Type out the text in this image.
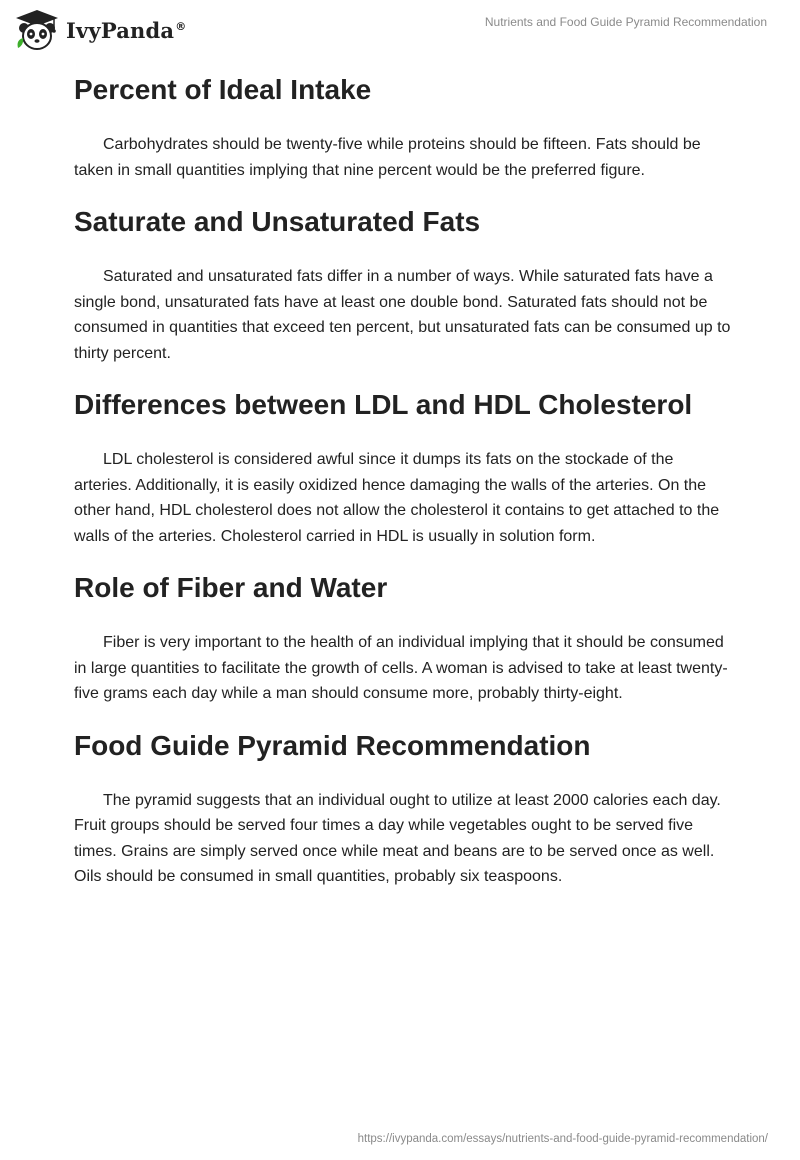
IvyPanda®	Nutrients and Food Guide Pyramid Recommendation
Percent of Ideal Intake

Carbohydrates should be twenty-five while proteins should be fifteen. Fats should be taken in small quantities implying that nine percent would be the preferred figure.

Saturate and Unsaturated Fats

Saturated and unsaturated fats differ in a number of ways. While saturated fats have a single bond, unsaturated fats have at least one double bond. Saturated fats should not be consumed in quantities that exceed ten percent, but unsaturated fats can be consumed up to thirty percent.

Differences between LDL and HDL Cholesterol

LDL cholesterol is considered awful since it dumps its fats on the stockade of the arteries. Additionally, it is easily oxidized hence damaging the walls of the arteries. On the other hand, HDL cholesterol does not allow the cholesterol it contains to get attached to the walls of the arteries. Cholesterol carried in HDL is usually in solution form.

Role of Fiber and Water

Fiber is very important to the health of an individual implying that it should be consumed in large quantities to facilitate the growth of cells. A woman is advised to take at least twenty-five grams each day while a man should consume more, probably thirty-eight.

Food Guide Pyramid Recommendation

The pyramid suggests that an individual ought to utilize at least 2000 calories each day. Fruit groups should be served four times a day while vegetables ought to be served five times. Grains are simply served once while meat and beans are to be served once as well. Oils should be consumed in small quantities, probably six teaspoons.

https://ivypanda.com/essays/nutrients-and-food-guide-pyramid-recommendation/
